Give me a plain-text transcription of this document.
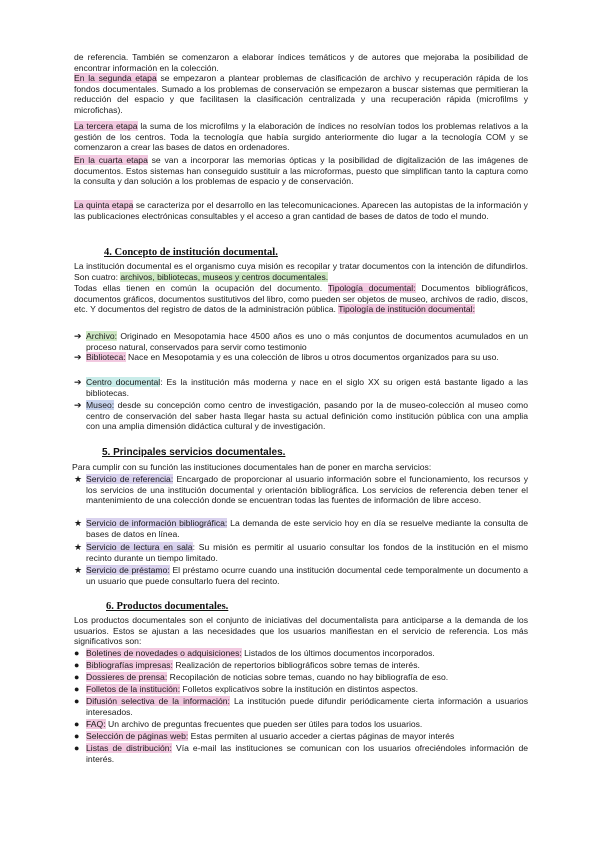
de referencia. También se comenzaron a elaborar índices temáticos y de autores que mejoraba la posibilidad de encontrar información en la colección.

En la segunda etapa se empezaron a plantear problemas de clasificación de archivo y recuperación rápida de los fondos documentales. Sumado a los problemas de conservación se empezaron a buscar sistemas que permitieran la reducción del espacio y que facilitasen la clasificación centralizada y una recuperación rápida (microfilms y microfichas).

La tercera etapa la suma de los microfilms y la elaboración de índices no resolvían todos los problemas relativos a la gestión de los centros. Toda la tecnología que había surgido anteriormente dio lugar a la tecnología COM y se comenzaron a crear las bases de datos en ordenadores.

En la cuarta etapa se van a incorporar las memorias ópticas y la posibilidad de digitalización de las imágenes de documentos. Estos sistemas han conseguido sustituir a las microformas, puesto que simplifican tanto la captura como la consulta y dan solución a los problemas de espacio y de conservación.

La quinta etapa se caracteriza por el desarrollo en las telecomunicaciones. Aparecen las autopistas de la información y las publicaciones electrónicas consultables y el acceso a gran cantidad de bases de datos de todo el mundo.

4. Concepto de institución documental.

La institución documental es el organismo cuya misión es recopilar y tratar documentos con la intención de difundirlos. Son cuatro: archivos, bibliotecas, museos y centros documentales.

Todas ellas tienen en común la ocupación del documento. Tipología documental: Documentos bibliográficos, documentos gráficos, documentos sustitutivos del libro, como pueden ser objetos de museo, archivos de radio, discos, etc. Y documentos del registro de datos de la administración pública. Tipología de institución documental:

➔ Archivo: Originado en Mesopotamia hace 4500 años es uno o más conjuntos de documentos acumulados en un proceso natural, conservados para servir como testimonio
➔ Biblioteca: Nace en Mesopotamia y es una colección de libros u otros documentos organizados para su uso.
➔ Centro documental: Es la institución más moderna y nace en el siglo XX su origen está bastante ligado a las bibliotecas.
➔ Museo: desde su concepción como centro de investigación, pasando por la de museo-colección al museo como centro de conservación del saber hasta llegar hasta su actual definición como institución pública con una amplia con una amplia dimensión didáctica cultural y de investigación.
5. Principales servicios documentales.

Para cumplir con su función las instituciones documentales han de poner en marcha servicios:

★ Servicio de referencia: Encargado de proporcionar al usuario información sobre el funcionamiento, los recursos y los servicios de una institución documental y orientación bibliográfica. Los servicios de referencia deben tener el mantenimiento de una colección donde se encuentran todas las fuentes de información de libre acceso.
★ Servicio de información bibliográfica: La demanda de este servicio hoy en día se resuelve mediante la consulta de bases de datos en línea.
★ Servicio de lectura en sala: Su misión es permitir al usuario consultar los fondos de la institución en el mismo recinto durante un tiempo limitado.
★ Servicio de préstamo: El préstamo ocurre cuando una institución documental cede temporalmente un documento a un usuario que puede consultarlo fuera del recinto.
6. Productos documentales.

Los productos documentales son el conjunto de iniciativas del documentalista para anticiparse a la demanda de los usuarios. Estos se ajustan a las necesidades que los usuarios manifiestan en el servicio de referencia. Los más significativos son:

● Boletines de novedades o adquisiciones: Listados de los últimos documentos incorporados.
● Bibliografías impresas: Realización de repertorios bibliográficos sobre temas de interés.
● Dossieres de prensa: Recopilación de noticias sobre temas, cuando no hay bibliografía de eso.
● Folletos de la institución: Folletos explicativos sobre la institución en distintos aspectos.
● Difusión selectiva de la información: La institución puede difundir periódicamente cierta información a usuarios interesados.
● FAQ: Un archivo de preguntas frecuentes que pueden ser útiles para todos los usuarios.
● Selección de páginas web: Estas permiten al usuario acceder a ciertas páginas de mayor interés
● Listas de distribución: Vía e-mail las instituciones se comunican con los usuarios ofreciéndoles información de interés.
